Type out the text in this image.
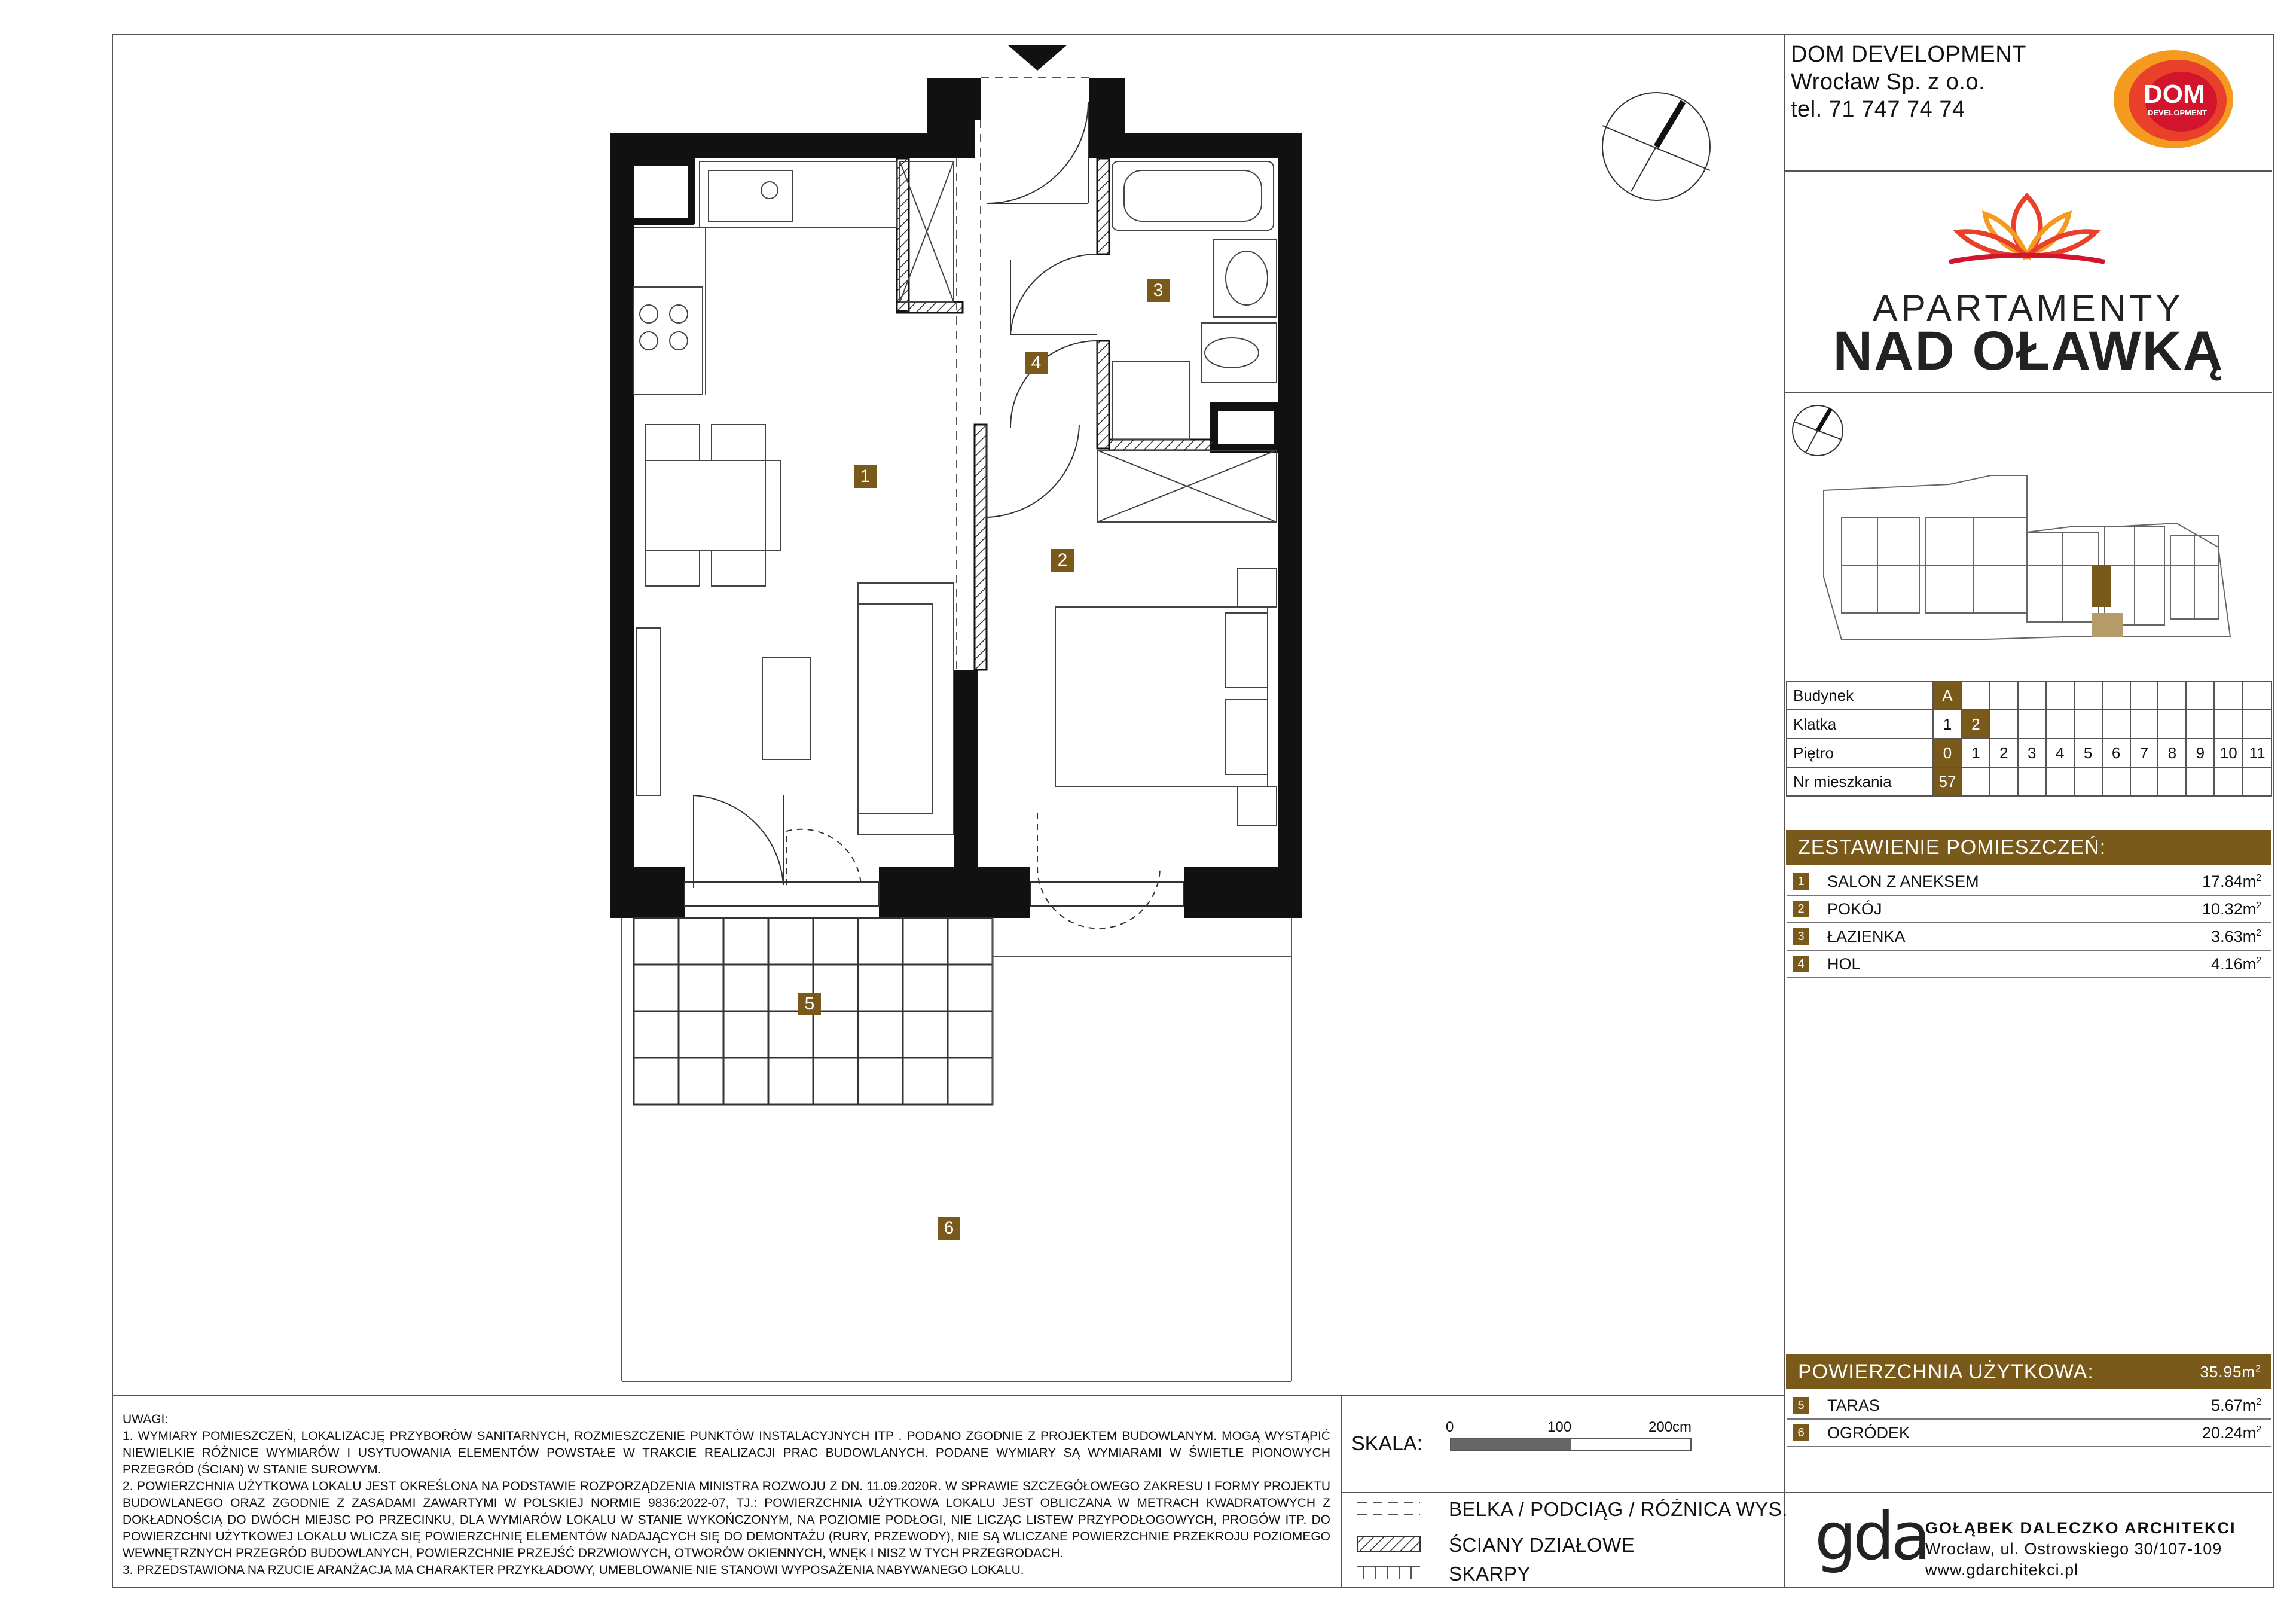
1
2
3
4
5
6
DOM DEVELOPMENT
Wrocław Sp. z o.o.
tel. 71 747 74 74
DOM
DEVELOPMENT
APARTAMENTY
NAD OŁAWKĄ
Budynek	A											
Klatka	1	2										
Piętro	0	1	2	3	4	5	6	7	8	9	10	11
Nr mieszkania	57											
ZESTAWIENIE POMIESZCZEŃ:
1	SALON Z ANEKSEM	$17.84m^2$
2	POKÓJ	$10.32m^2$
3	ŁAZIENKA	$3.63m^2$
4	HOL	$4.16m^2$
POWIERZCHNIA UŻYTKOWA:	$35.95m^2$
5	TARAS	$5.67m^2$
6	OGRÓDEK	$20.24m^2$

UWAGI:

1. WYMIARY POMIESZCZEŃ, LOKALIZACJĘ PRZYBORÓW SANITARNYCH, ROZMIESZCZENIE PUNKTÓW INSTALACYJNYCH ITP . PODANO ZGODNIE Z PROJEKTEM BUDOWLANYM. MOGĄ WYSTĄPIĆ NIEWIELKIE RÓŻNICE WYMIARÓW I USYTUOWANIA ELEMENTÓW POWSTAŁE W TRAKCIE REALIZACJI PRAC BUDOWLANYCH. PODANE WYMIARY SĄ WYMIARAMI W ŚWIETLE PIONOWYCH PRZEGRÓD (ŚCIAN) W STANIE SUROWYM.

2. POWIERZCHNIA UŻYTKOWA LOKALU JEST OKREŚLONA NA PODSTAWIE ROZPORZĄDZENIA MINISTRA ROZWOJU Z DN. 11.09.2020R. W SPRAWIE SZCZEGÓŁOWEGO ZAKRESU I FORMY PROJEKTU BUDOWLANEGO ORAZ ZGODNIE Z ZASADAMI ZAWARTYMI W POLSKIEJ NORMIE 9836:2022-07, TJ.: POWIERZCHNIA UŻYTKOWA LOKALU JEST OBLICZANA W METRACH KWADRATOWYCH Z DOKŁADNOŚCIĄ DO DWÓCH MIEJSC PO PRZECINKU, DLA WYMIARÓW LOKALU W STANIE WYKOŃCZONYM, NA POZIOMIE PODŁOGI, NIE LICZĄC LISTEW PRZYPODŁOGOWYCH, PROGÓW ITP. DO POWIERZCHNI UŻYTKOWEJ LOKALU WLICZA SIĘ POWIERZCHNIĘ ELEMENTÓW NADAJĄCYCH SIĘ DO DEMONTAŻU (RURY, PRZEWODY), NIE SĄ WLICZANE POWIERZCHNIE PRZEKROJU POZIOMEGO WEWNĘTRZNYCH PRZEGRÓD BUDOWLANYCH, POWIERZCHNIE PRZEJŚĆ DRZWIOWYCH, OTWORÓW OKIENNYCH, WNĘK I NISZ W TYCH PRZEGRODACH.

3. PRZEDSTAWIONA NA RZUCIE ARANŻACJA MA CHARAKTER PRZYKŁADOWY, UMEBLOWANIE NIE STANOWI WYPOSAŻENIA NABYWANEGO LOKALU.

SKALA:
0	100	200cm
BELKA / PODCIĄG / RÓŻNICA WYS.
ŚCIANY DZIAŁOWE
SKARPY	gda
GOŁĄBEK DALECZKO ARCHITEKCI
Wrocław, ul. Ostrowskiego 30/107-109
www.gdarchitekci.pl
